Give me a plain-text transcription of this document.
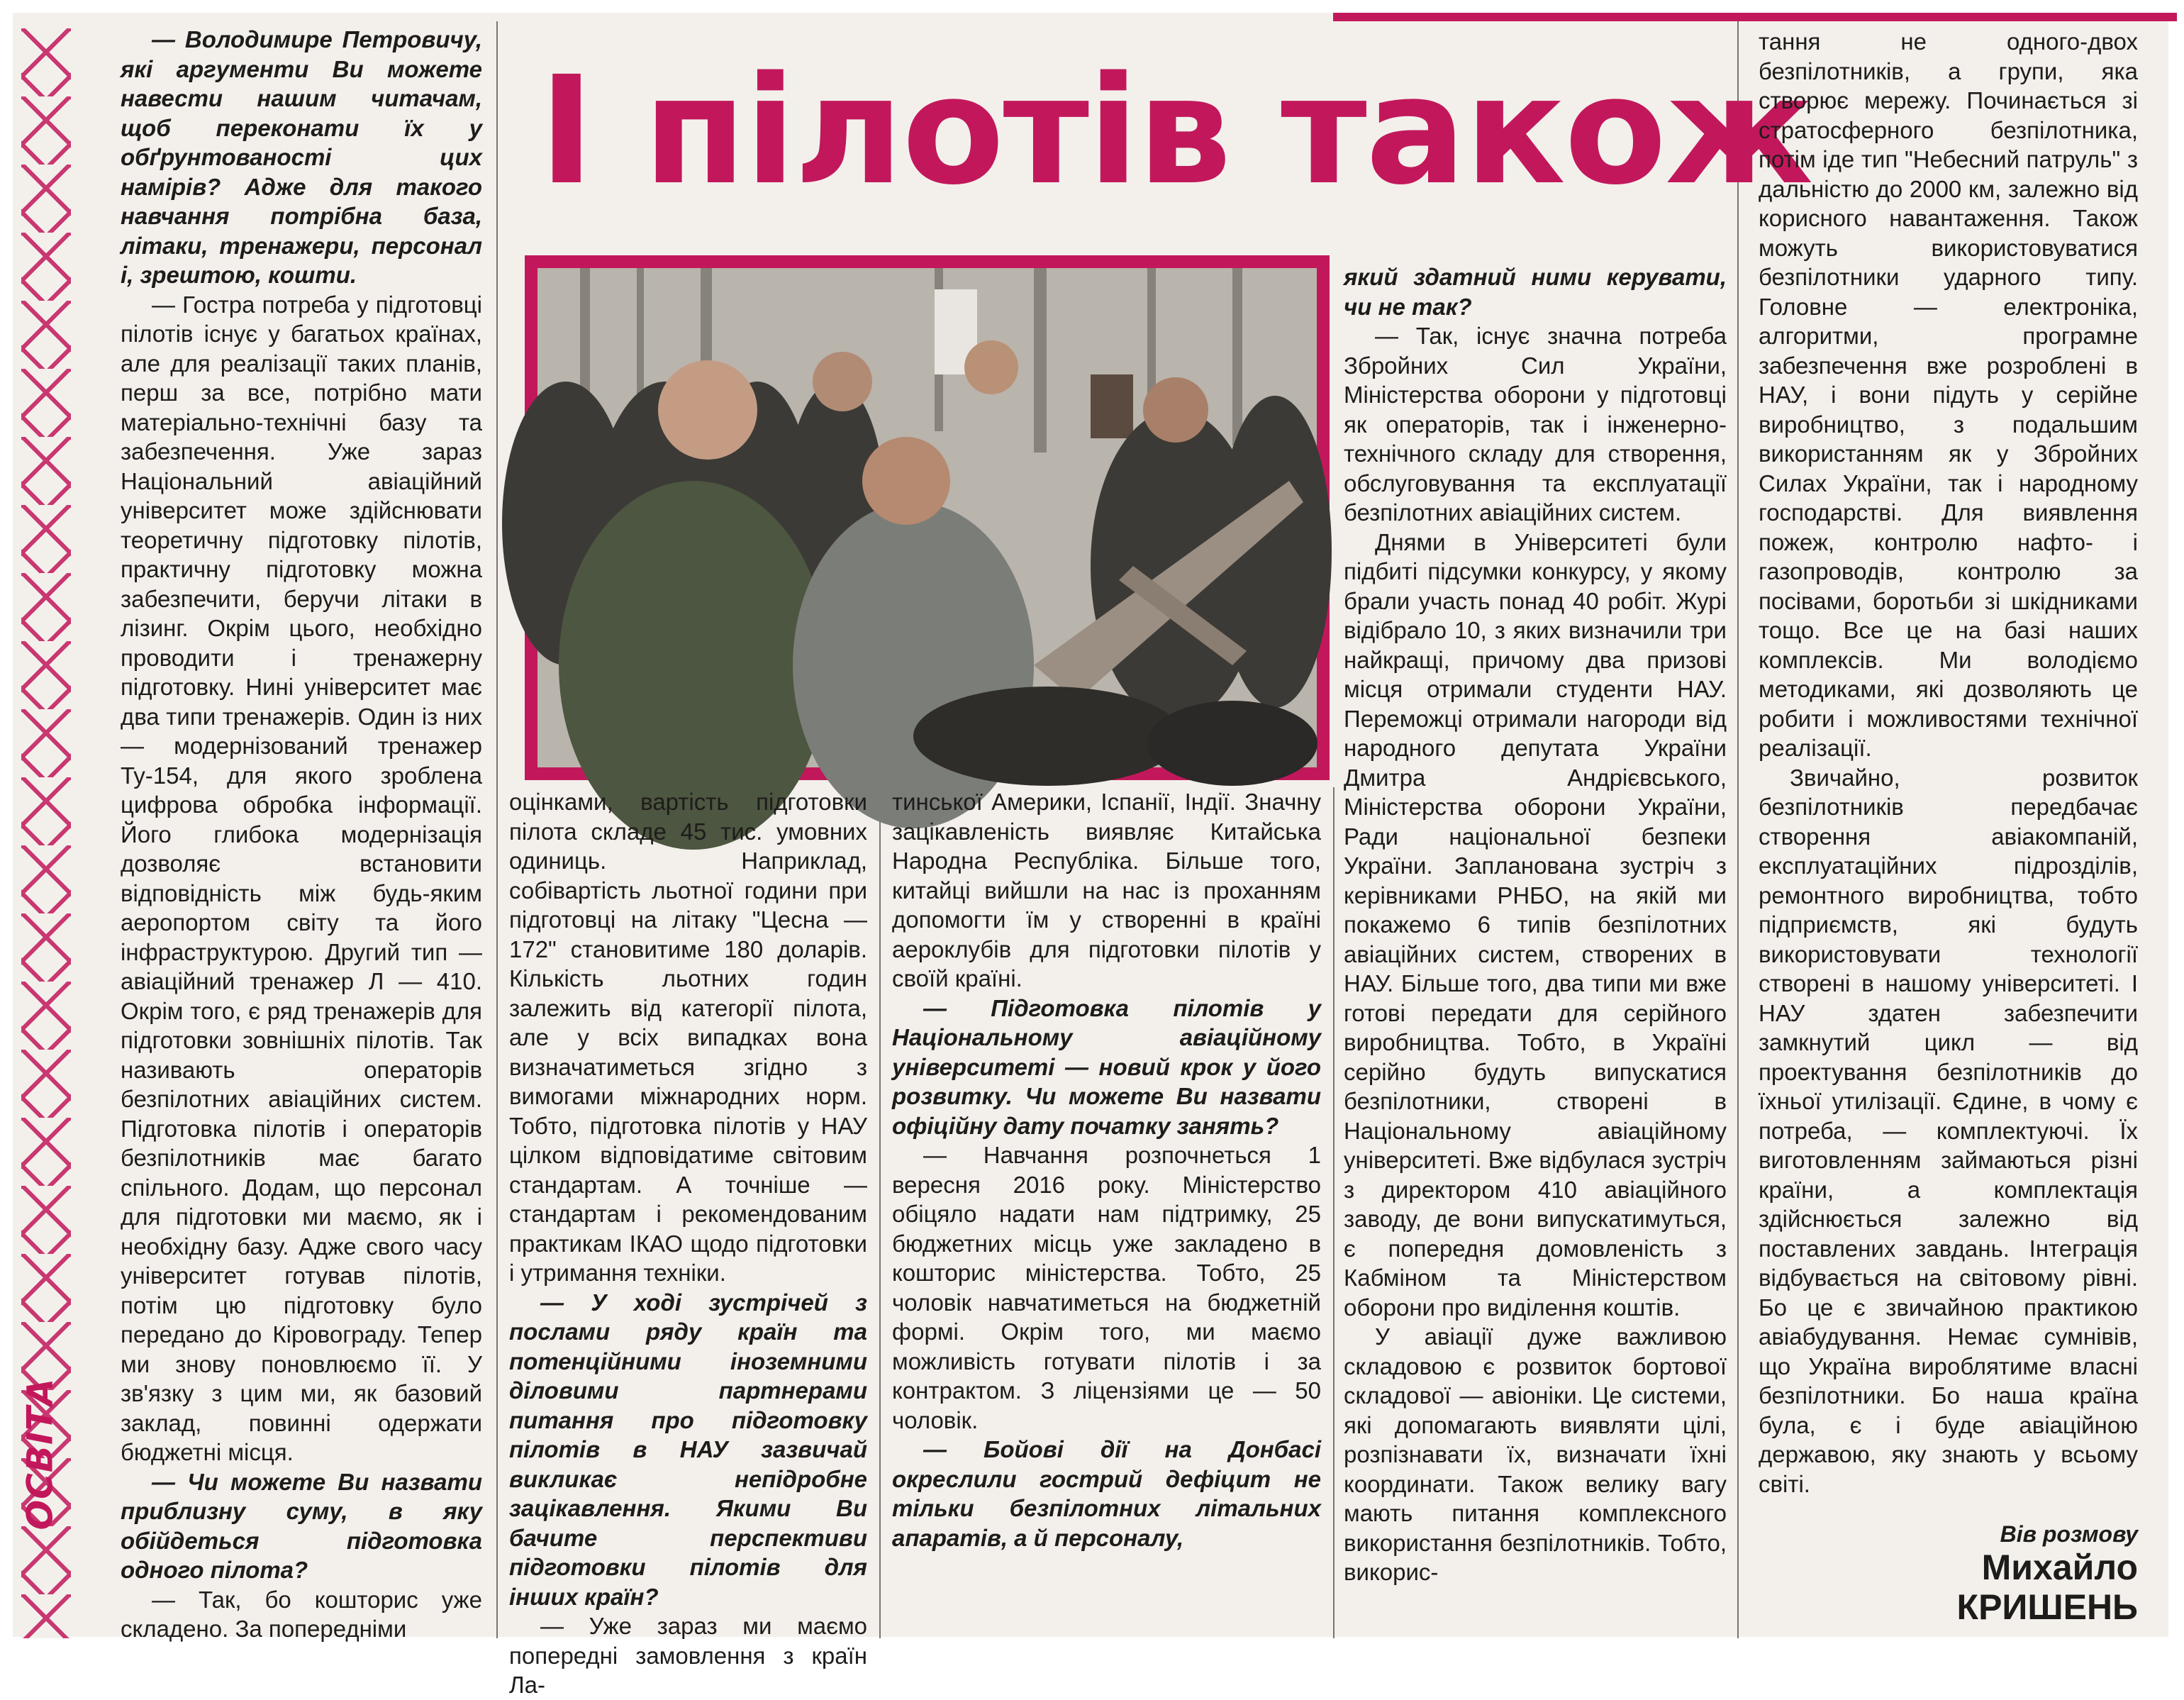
ОСВІТА
І пілотів також

— Володимире Петровичу, які аргументи Ви можете навести нашим читачам, щоб переконати їх у обґрунтованості цих намірів? Адже для такого навчання потрібна база, літаки, тренажери, персонал і, зрештою, кошти.

— Гостра потреба у підготовці пілотів існує у багатьох країнах, але для реалізації таких планів, перш за все, потрібно мати матеріально-технічні базу та забезпечення. Уже зараз Національний авіаційний університет може здійснювати теоретичну підготовку пілотів, практичну підготовку можна забезпечити, беручи літаки в лізинг. Окрім цього, необхідно проводити і тренажерну підготовку. Нині університет має два типи тренажерів. Один із них — модернізований тренажер Ту-154, для якого зроблена цифрова обробка інформації. Його глибока модернізація дозволяє встановити відповідність між будь-яким аеропортом світу та його інфраструктурою. Другий тип — авіаційний тренажер Л — 410. Окрім того, є ряд тренажерів для підготовки зовнішніх пілотів. Так називають операторів безпілотних авіаційних систем. Підготовка пілотів і операторів безпілотників має багато спільного. Додам, що персонал для підготовки ми маємо, як і необхідну базу. Адже свого часу університет готував пілотів, потім цю підготовку було передано до Кіровограду. Тепер ми знову поновлюємо її. У зв'язку з цим ми, як базовий заклад, повинні одержати бюджетні місця.

— Чи можете Ви назвати приблизну суму, в яку обійдеться підготовка одного пілота?

— Так, бо кошторис уже складено. За попередніми

оцінками, вартість підготовки пілота складе 45 тис. умовних одиниць. Наприклад, собівартість льотної години при підготовці на літаку "Цесна — 172" становитиме 180 доларів. Кількість льотних годин залежить від категорії пілота, але у всіх випадках вона визначатиметься згідно з вимогами міжнародних норм. Тобто, підготовка пілотів у НАУ цілком відповідатиме світовим стандартам. А точніше — стандартам і рекомендованим практикам ІКАО щодо підготовки і утримання техніки.

— У ході зустрічей з послами ряду країн та потенційними іноземними діловими партнерами питання про підготовку пілотів в НАУ зазвичай викликає непідробне зацікавлення. Якими Ви бачите перспективи підготовки пілотів для інших країн?

— Уже зараз ми маємо попередні замовлення з країн Ла-

тинської Америки, Іспанії, Індії. Значну зацікавленість виявляє Китайська Народна Республіка. Більше того, китайці вийшли на нас із проханням допомогти їм у створенні в країні аероклубів для підготовки пілотів у своїй країні.

— Підготовка пілотів у Національному авіаційному університеті — новий крок у його розвитку. Чи можете Ви назвати офіційну дату початку занять?

— Навчання розпочнеться 1 вересня 2016 року. Міністерство обіцяло надати нам підтримку, 25 бюджетних місць уже закладено в кошторис міністерства. Тобто, 25 чоловік навчатиметься на бюджетній формі. Окрім того, ми маємо можливість готувати пілотів і за контрактом. З ліцензіями це — 50 чоловік.

— Бойові дії на Донбасі окреслили гострий дефіцит не тільки безпілотних літальних апаратів, а й персоналу,

який здатний ними керувати, чи не так?

— Так, існує значна потреба Збройних Сил України, Міністерства оборони у підготовці як операторів, так і інженерно-технічного складу для створення, обслуговування та експлуатації безпілотних авіаційних систем.

Днями в Університеті були підбиті підсумки конкурсу, у якому брали участь понад 40 робіт. Журі відібрало 10, з яких визначили три найкращі, причому два призові місця отримали студенти НАУ. Переможці отримали нагороди від народного депутата України Дмитра Андрієвського, Міністерства оборони України, Ради національної безпеки України. Запланована зустріч з керівниками РНБО, на якій ми покажемо 6 типів безпілотних авіаційних систем, створених в НАУ. Більше того, два типи ми вже готові передати для серійного виробництва. Тобто, в Україні серійно будуть випускатися безпілотники, створені в Національному авіаційному університеті. Вже відбулася зустріч з директором 410 авіаційного заводу, де вони випускатимуться, є попередня домовленість з Кабміном та Міністерством оборони про виділення коштів.

У авіації дуже важливою складовою є розвиток бортової складової — авіоніки. Це системи, які допомагають виявляти цілі, розпізнавати їх, визначати їхні координати. Також велику вагу мають питання комплексного використання безпілотників. Тобто, викорис-

тання не одного-двох безпілотників, а групи, яка створює мережу. Починається зі стратосферного безпілотника, потім іде тип "Небесний патруль" з дальністю до 2000 км, залежно від корисного навантаження. Також можуть використовуватися безпілотники ударного типу. Головне — електроніка, алгоритми, програмне забезпечення вже розроблені в НАУ, і вони підуть у серійне виробництво, з подальшим використанням як у Збройних Силах України, так і народному господарстві. Для виявлення пожеж, контролю нафто- і газопроводів, контролю за посівами, боротьби зі шкідниками тощо. Все це на базі наших комплексів. Ми володіємо методиками, які дозволяють це робити і можливостями технічної реалізації.

Звичайно, розвиток безпілотників передбачає створення авіакомпаній, експлуатаційних підрозділів, ремонтного виробництва, тобто підприємств, які будуть використовувати технології створені в нашому університеті. І НАУ здатен забезпечити замкнутий цикл — від проектування безпілотників до їхньої утилізації. Єдине, в чому є потреба, — комплектуючі. Їх виготовленням займаються різні країни, а комплектація здійснюється залежно від поставлених завдань. Інтеграція відбувається на світовому рівні. Бо це є звичайною практикою авіабудування. Немає сумнівів, що Україна вироблятиме власні безпілотники. Бо наша країна була, є і буде авіаційною державою, яку знають у всьому світі.

Вів розмову
Михайло
КРИШЕНЬ
